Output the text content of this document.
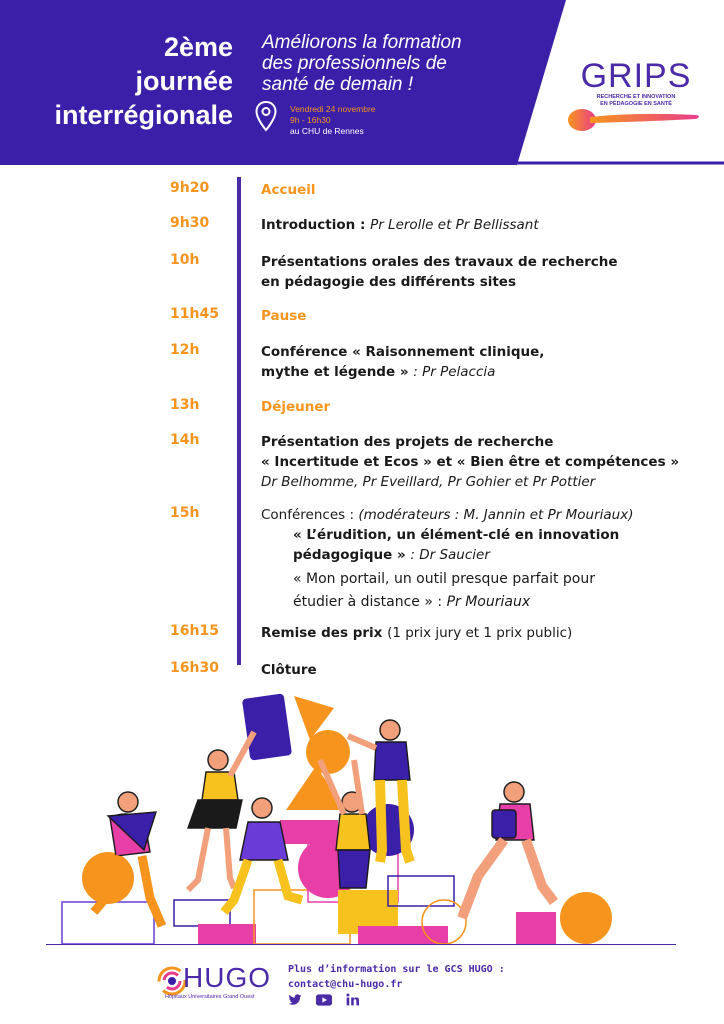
2ème
journée
interrégionale
Améliorons la formation
des professionnels de
santé de demain !
Vendredi 24 novembre
9h - 16h30
au CHU de Rennes
GRIPS
RECHERCHE ET INNOVATION
EN PÉDAGOGIE EN SANTÉ
9h20	Accueil
9h30	Introduction : Pr Lerolle et Pr Bellissant
10h	Présentations orales des travaux de recherche
en pédagogie des différents sites
11h45	Pause
12h	Conférence « Raisonnement clinique,
mythe et légende » : Pr Pelaccia
13h	Déjeuner
14h	Présentation des projets de recherche
« Incertitude et Ecos » et « Bien être et compétences »
Dr Belhomme, Pr Eveillard, Pr Gohier et Pr Pottier
15h	Conférences : (modérateurs : M. Jannin et Pr Mouriaux)
« L’érudition, un élément-clé en innovation
pédagogique » : Dr Saucier
« Mon portail, un outil presque parfait pour
étudier à distance » : Pr Mouriaux
16h15	Remise des prix (1 prix jury et 1 prix public)
16h30	Clôture
HUGO
Hôpitaux Universitaires Grand Ouest
Plus d’information sur le GCS HUGO :
contact@chu-hugo.fr
